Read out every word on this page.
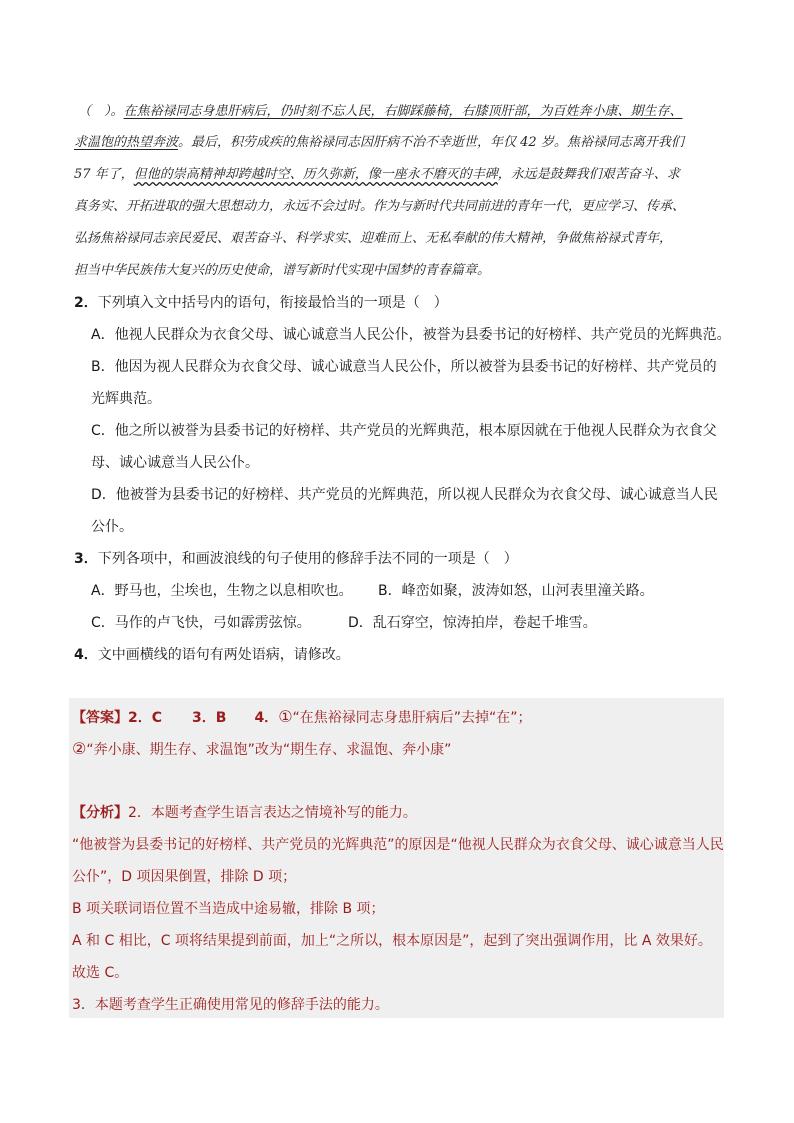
（　）。在焦裕禄同志身患肝病后，仍时刻不忘人民，右脚踩藤椅，右膝顶肝部，为百姓奔小康、期生存、
求温饱的热望奔波。最后，积劳成疾的焦裕禄同志因肝病不治不幸逝世，年仅 42 岁。焦裕禄同志离开我们
57 年了，但他的崇高精神却跨越时空、历久弥新，像一座永不磨灭的丰碑，永远是鼓舞我们艰苦奋斗、求
真务实、开拓进取的强大思想动力，永远不会过时。作为与新时代共同前进的青年一代，更应学习、传承、
弘扬焦裕禄同志亲民爱民、艰苦奋斗、科学求实、迎难而上、无私奉献的伟大精神，争做焦裕禄式青年，
担当中华民族伟大复兴的历史使命，谱写新时代实现中国梦的青春篇章。
2．下列填入文中括号内的语句，衔接最恰当的一项是（　）
A．他视人民群众为衣食父母、诚心诚意当人民公仆，被誉为县委书记的好榜样、共产党员的光辉典范。
B．他因为视人民群众为衣食父母、诚心诚意当人民公仆，所以被誉为县委书记的好榜样、共产党员的
光辉典范。
C．他之所以被誉为县委书记的好榜样、共产党员的光辉典范，根本原因就在于他视人民群众为衣食父
母、诚心诚意当人民公仆。
D．他被誉为县委书记的好榜样、共产党员的光辉典范，所以视人民群众为衣食父母、诚心诚意当人民
公仆。
3．下列各项中，和画波浪线的句子使用的修辞手法不同的一项是（　）
A．野马也，尘埃也，生物之以息相吹也。 B．峰峦如聚，波涛如怒，山河表里潼关路。
C．马作的卢飞快，弓如霹雳弦惊。	D．乱石穿空，惊涛拍岸，卷起千堆雪。
4．文中画横线的语句有两处语病，请修改。
【答案】2．C 3．B 4．①“在焦裕禄同志身患肝病后”去掉“在”；
②“奔小康、期生存、求温饱”改为“期生存、求温饱、奔小康”
【分析】2．本题考查学生语言表达之情境补写的能力。
“他被誉为县委书记的好榜样、共产党员的光辉典范”的原因是“他视人民群众为衣食父母、诚心诚意当人民
公仆”，D 项因果倒置，排除 D 项；
B 项关联词语位置不当造成中途易辙，排除 B 项；
A 和 C 相比，C 项将结果提到前面，加上“之所以，根本原因是”，起到了突出强调作用，比 A 效果好。
故选 C。
3．本题考查学生正确使用常见的修辞手法的能力。
